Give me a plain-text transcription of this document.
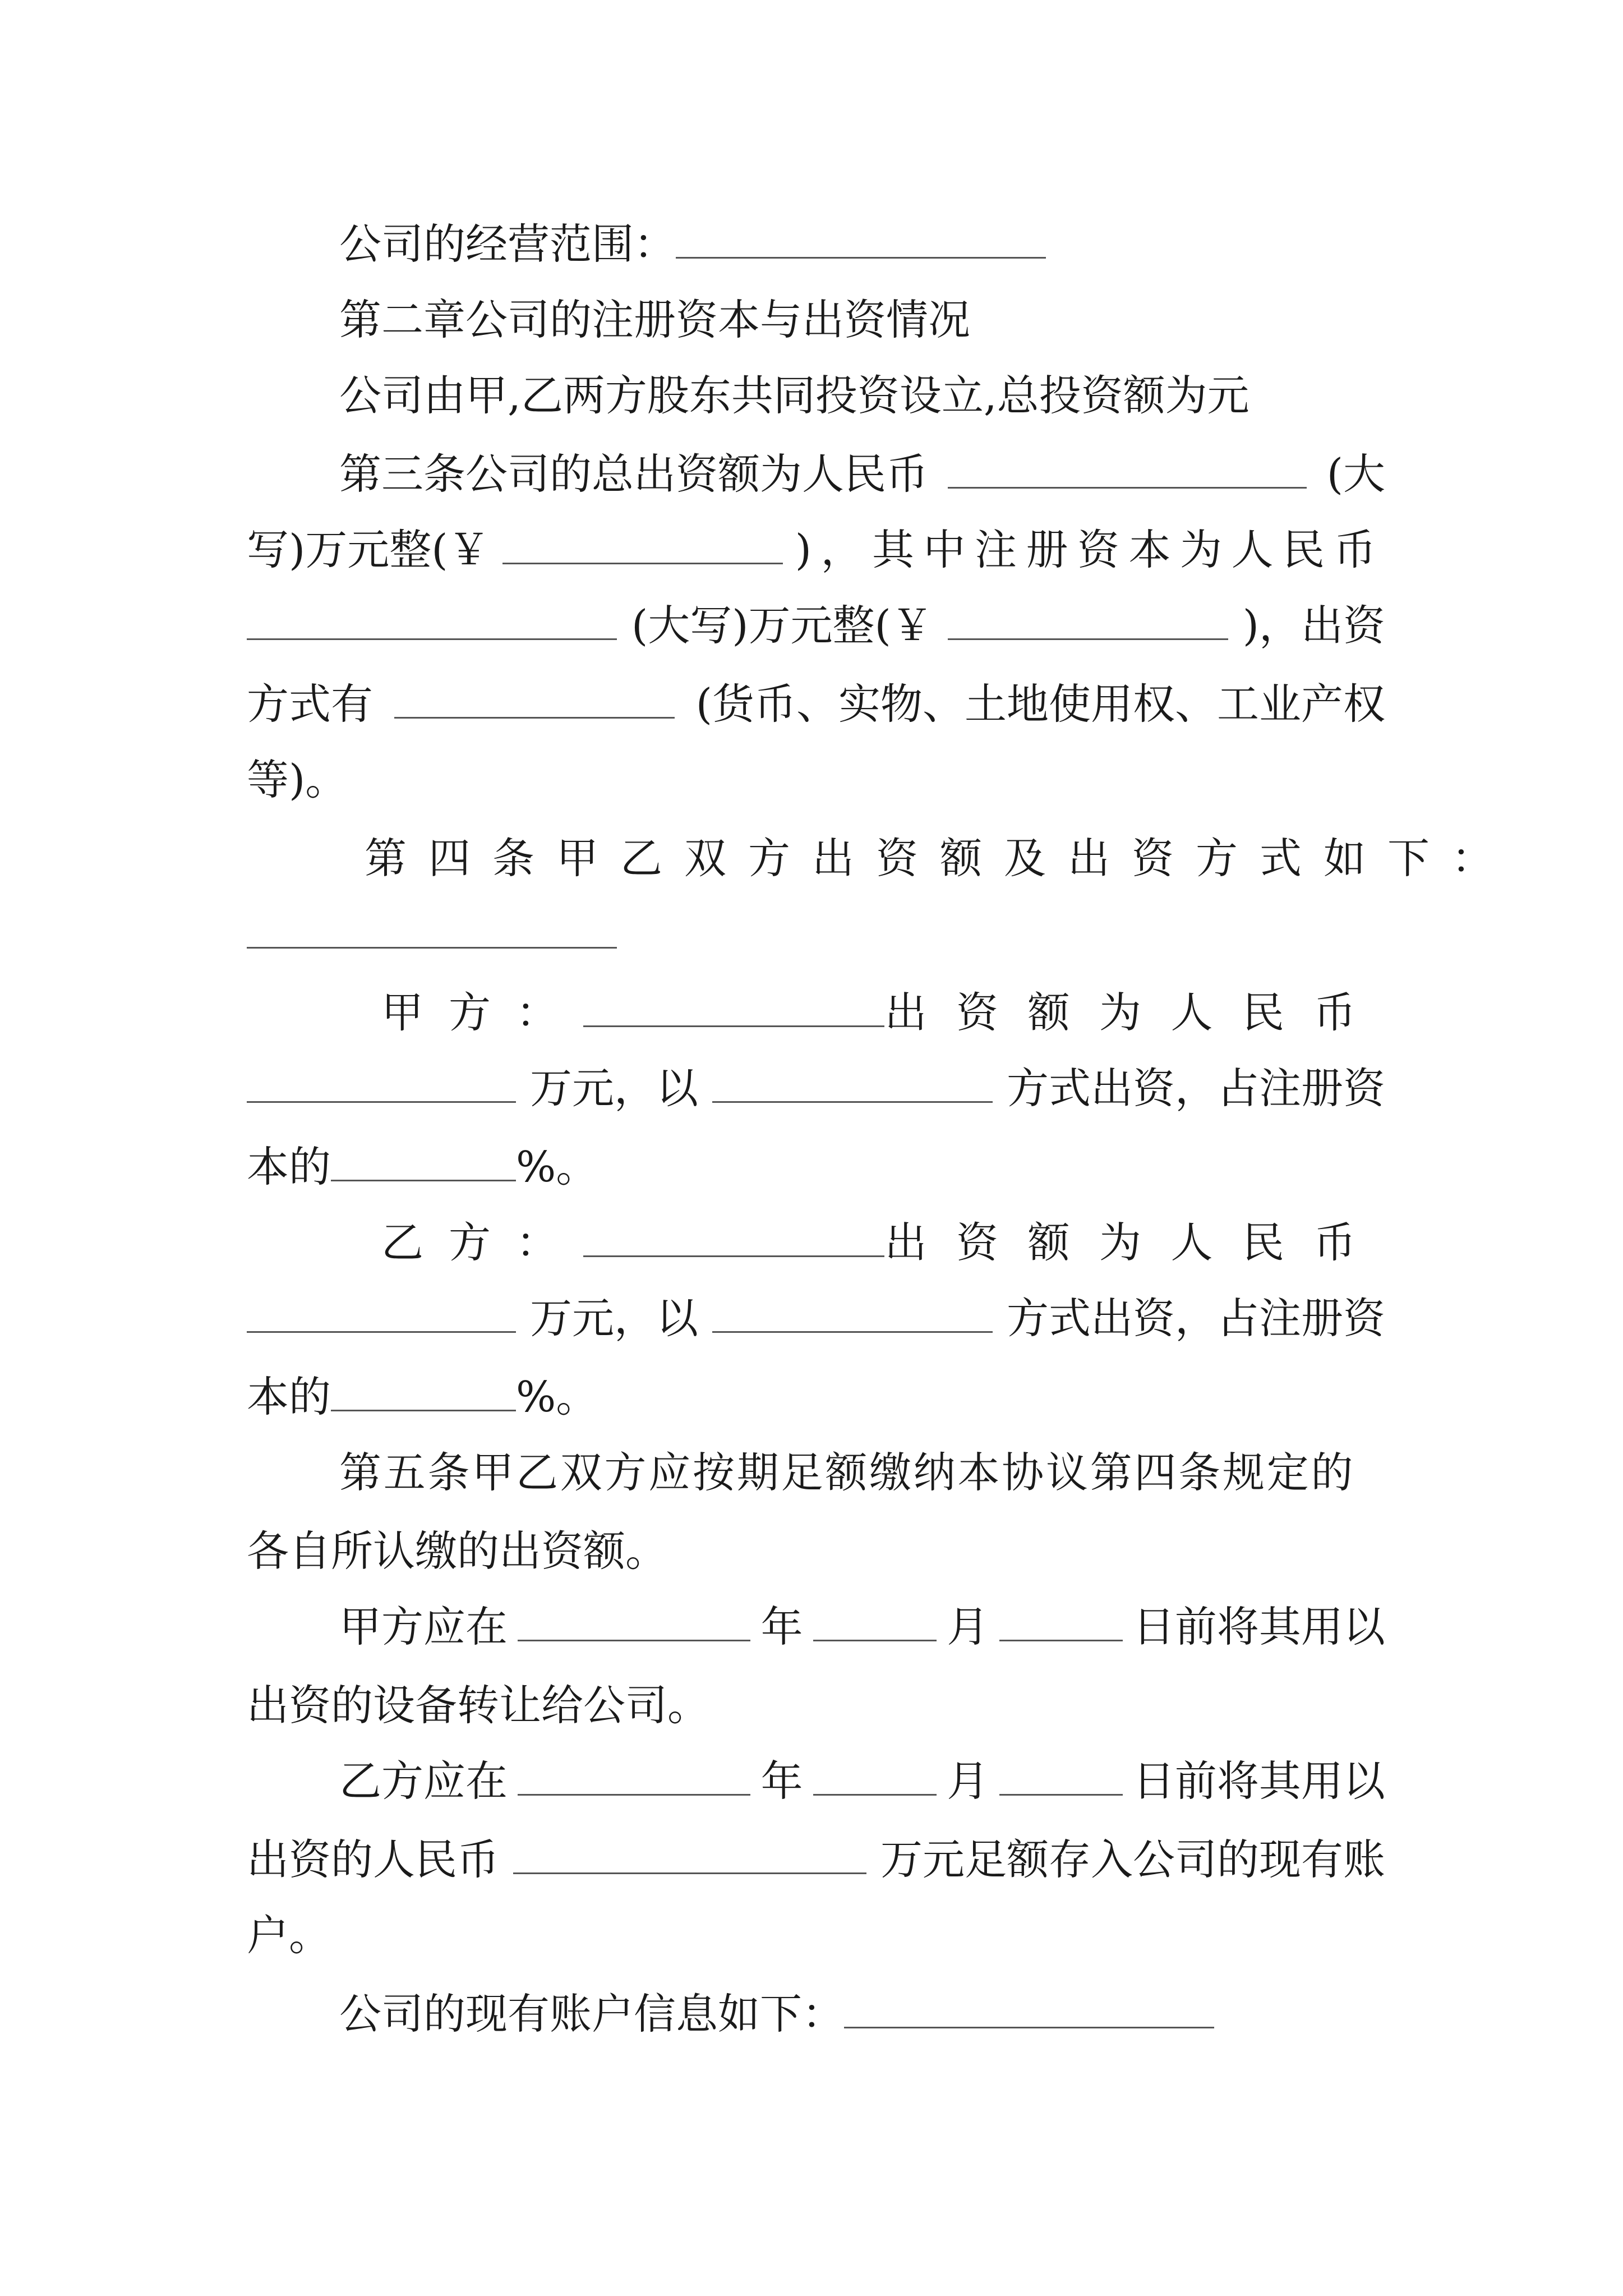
公司的经营范围：
第二章公司的注册资本与出资情况
公司由甲,乙两方股东共同投资设立,总投资额为元
第三条公司的总出资额为人民币	(大
写)万元整(￥	)，其中注册资本为人民币
(大写)万元整(￥	)，出资
方式有	(货币、实物、土地使用权、工业产权
等)。
第四条甲乙双方出资额及出资方式如下：
甲方：	出资额为人民币
万元，以	方式出资，占注册资
本的	%。
乙方：	出资额为人民币
万元，以	方式出资，占注册资
本的	%。
第五条甲乙双方应按期足额缴纳本协议第四条规定的
各自所认缴的出资额。
甲方应在	年	月	日前将其用以
出资的设备转让给公司。
乙方应在	年	月	日前将其用以
出资的人民币	万元足额存入公司的现有账
户。
公司的现有账户信息如下：
